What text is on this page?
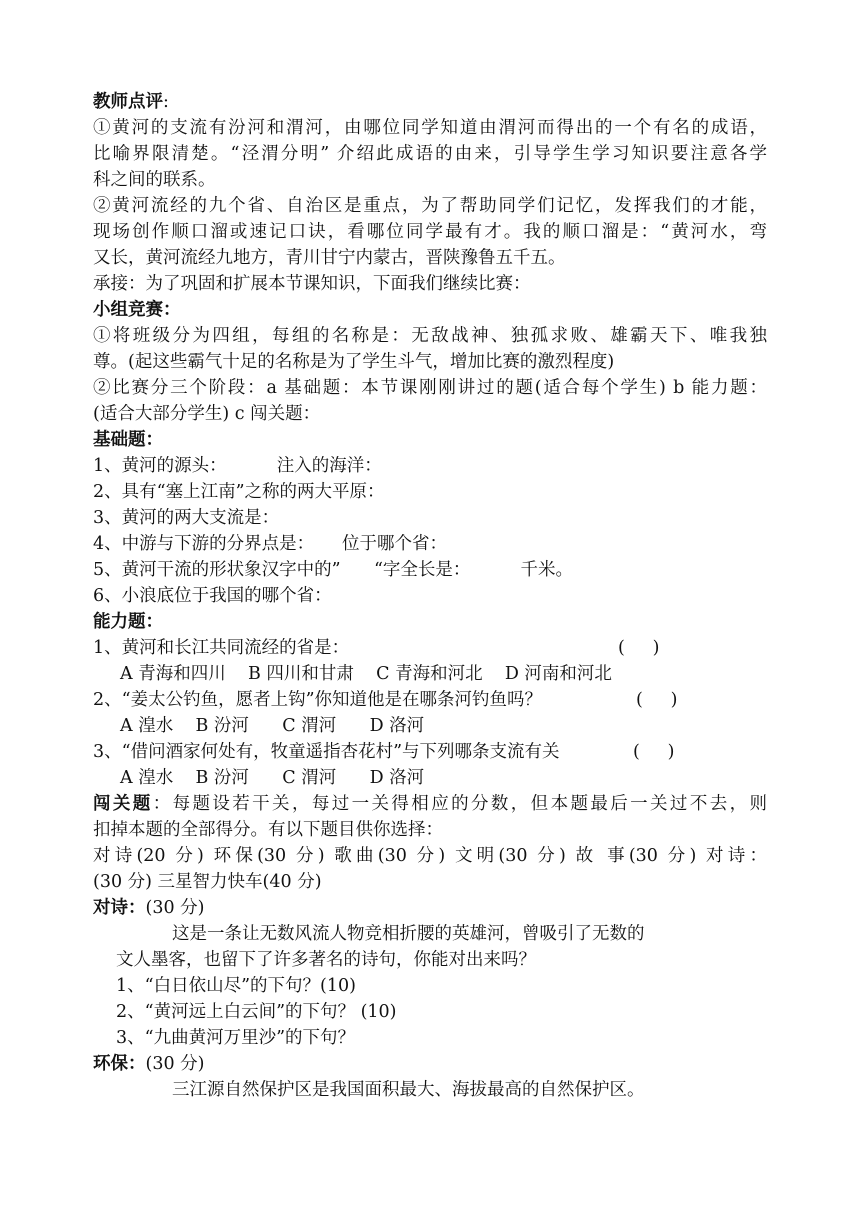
教师点评:
①黄河的支流有汾河和渭河，由哪位同学知道由渭河而得出的一个有名的成语，
比喻界限清楚。“泾渭分明” 介绍此成语的由来，引导学生学习知识要注意各学
科之间的联系。
②黄河流经的九个省、自治区是重点，为了帮助同学们记忆，发挥我们的才能，
现场创作顺口溜或速记口诀，看哪位同学最有才。我的顺口溜是：“黄河水，弯
又长，黄河流经九地方，青川甘宁内蒙古，晋陕豫鲁五千五。
承接：为了巩固和扩展本节课知识，下面我们继续比赛：
小组竞赛：
①将班级分为四组，每组的名称是：无敌战神、独孤求败、雄霸天下、唯我独
尊。(起这些霸气十足的名称是为了学生斗气，增加比赛的激烈程度)
②比赛分三个阶段：a 基础题：本节课刚刚讲过的题(适合每个学生) b 能力题：
(适合大部分学生) c 闯关题：
基础题：
1、黄河的源头：         注入的海洋：
2、具有“塞上江南”之称的两大平原：
3、黄河的两大支流是：
4、中游与下游的分界点是：     位于哪个省：
5、黄河干流的形状象汉字中的”      “字全长是：         千米。
6、小浪底位于我国的哪个省：
能力题：
1、黄河和长江共同流经的省是：	(     )
A 青海和四川    B 四川和甘肃    C 青海和河北    D 河南和河北
2、“姜太公钓鱼，愿者上钩”你知道他是在哪条河钓鱼吗？	(     )
A 湟水    B 汾河      C 渭河      D 洛河
3、“借问酒家何处有，牧童遥指杏花村”与下列哪条支流有关	(     )
A 湟水    B 汾河      C 渭河      D 洛河
闯关题：每题设若干关，每过一关得相应的分数，但本题最后一关过不去，则
扣掉本题的全部得分。有以下题目供你选择：
对诗(20 分) 环保(30 分) 歌曲(30 分) 文明(30 分) 故 事(30 分) 对诗：
(30 分) 三星智力快车(40 分)
对诗：(30 分)
这是一条让无数风流人物竞相折腰的英雄河，曾吸引了无数的
文人墨客，也留下了许多著名的诗句，你能对出来吗？
1、“白日依山尽”的下句？(10)
2、“黄河远上白云间”的下句？ (10)
3、“九曲黄河万里沙”的下句？
环保：(30 分)
三江源自然保护区是我国面积最大、海拔最高的自然保护区。
